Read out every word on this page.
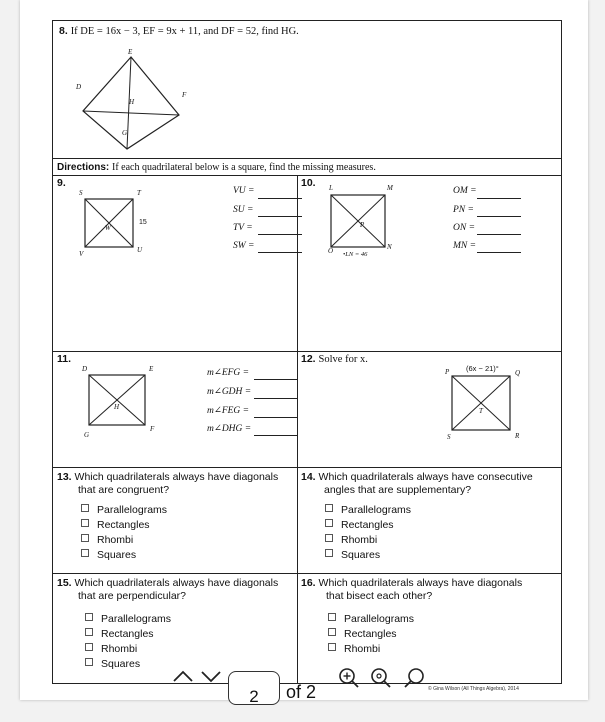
8. If DE = 16x − 3, EF = 9x + 11, and DF = 52, find HG.
E
D
F
H
G
Directions: If each quadrilateral below is a square, find the missing measures.
9.
S	T
W
V	U
15
VU =
SU =
TV =
SW =
10. L	M
P
O	N
•LN = 46
OM =
PN =
ON =
MN =
11.
D	E
H
G
F
m∠EFG =
m∠GDH =
m∠FEG =
m∠DHG =
12. Solve for x.
(6x − 21)°
P	Q
T
S	R
13. Which quadrilaterals always have diagonals
that are congruent?
Parallelograms
Rectangles
Rhombi
Squares
14. Which quadrilaterals always have consecutive
angles that are supplementary?
Parallelograms
Rectangles
Rhombi
Squares
15. Which quadrilaterals always have diagonals
that are perpendicular?
Parallelograms
Rectangles
Rhombi
Squares
16. Which quadrilaterals always have diagonals
that bisect each other?
Parallelograms
Rectangles
Rhombi
© Gina Wilson (All Things Algebra), 2014
2	of 2
